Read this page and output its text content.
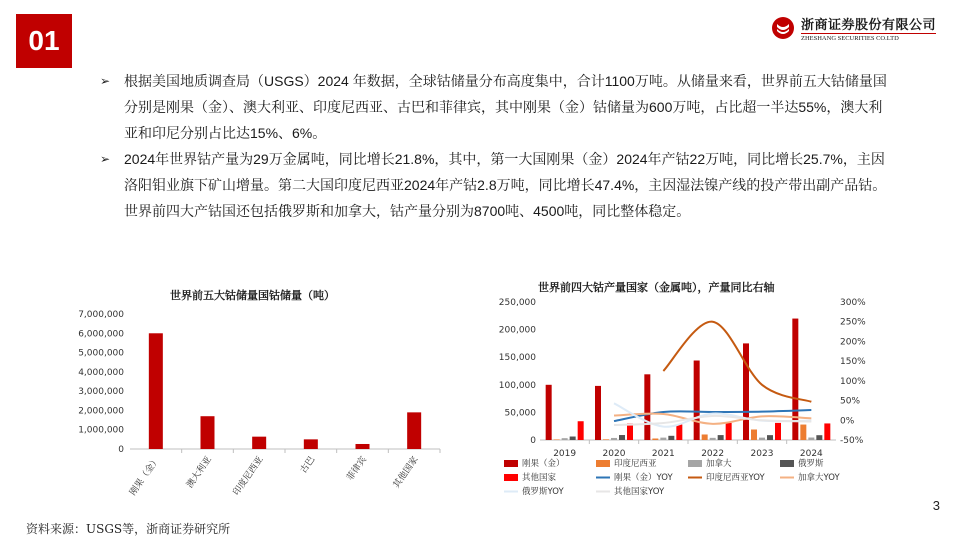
01
浙商证券股份有限公司
ZHESHANG SECURITIES CO.LTD
➢ 根据美国地质调查局（USGS）2024 年数据，全球钴储量分布高度集中，合计1100万吨。从储量来看，世界前五大钴储量国分别是刚果（金）、澳大利亚、印度尼西亚、古巴和菲律宾，其中刚果（金）钴储量为600万吨，占比超一半达55%，澳大利亚和印尼分别占比达15%、6%。
➢ 2024年世界钴产量为29万金属吨，同比增长21.8%，其中，第一大国刚果（金）2024年产钴22万吨，同比增长25.7%，主因洛阳钼业旗下矿山增量。第二大国印度尼西亚2024年产钴2.8万吨，同比增长47.4%，主因湿法镍产线的投产带出副产品钴。世界前四大产钴国还包括俄罗斯和加拿大，钴产量分别为8700吨、4500吨，同比整体稳定。
世界前五大钴储量国钴储量（吨）
0
1,000,000
2,000,000
3,000,000
4,000,000
5,000,000
6,000,000
7,000,000
刚果（金）	澳大利亚 印度尼西亚	古巴	菲律宾	其他国家
世界前四大钴产量国家（金属吨），产量同比右轴
0
50,000
100,000
150,000
200,000
250,000
-50%
0%
50%
100%
150%
200%
250%
300%
2019	2020	2021	2022	2023	2024
刚果（金）	印度尼西亚	加拿大	俄罗斯
其他国家	刚果（金）YOY	印度尼西亚YOY	加拿大YOY
俄罗斯YOY	其他国家YOY
资料来源：USGS等，浙商证券研究所
3
